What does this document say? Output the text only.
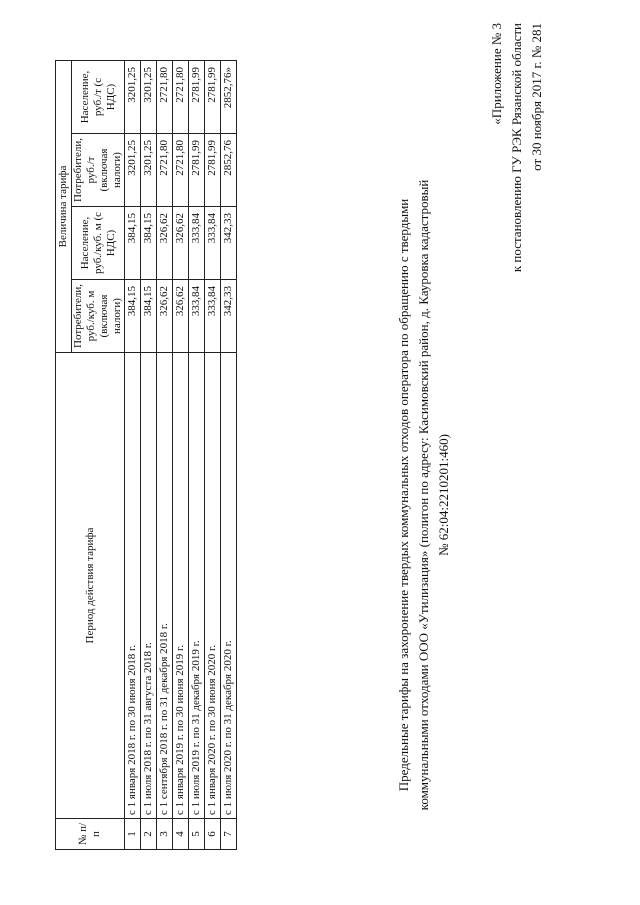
«Приложение № 3 к постановлению ГУ РЭК Рязанской области от 30 ноября 2017 г. № 281
Предельные тарифы на захоронение твердых коммунальных отходов оператора по обращению с твердыми коммунальными отходами ООО «Утилизация» (полигон по адресу: Касимовский район, д. Кауровка кадастровый № 62:04:2210201:460)
№ п/п	Период действия тарифа	Величина тарифа			
		Потребители, руб./куб. м (включая налоги)	Население, руб./куб. м (с НДС)	Потребители, руб./т (включая налоги)	Население, руб./т (с НДС)
1	с 1 января 2018 г. по 30 июня 2018 г.	384,15	384,15	3201,25	3201,25
2	с 1 июля 2018 г. по 31 августа 2018 г.	384,15	384,15	3201,25	3201,25
3	с 1 сентября 2018 г. по 31 декабря 2018 г.	326,62	326,62	2721,80	2721,80
4	с 1 января 2019 г. по 30 июня 2019 г.	326,62	326,62	2721,80	2721,80
5	с 1 июля 2019 г. по 31 декабря 2019 г.	333,84	333,84	2781,99	2781,99
6	с 1 января 2020 г. по 30 июня 2020 г.	333,84	333,84	2781,99	2781,99
7	с 1 июля 2020 г. по 31 декабря 2020 г.	342,33	342,33	2852,76	2852,76»
